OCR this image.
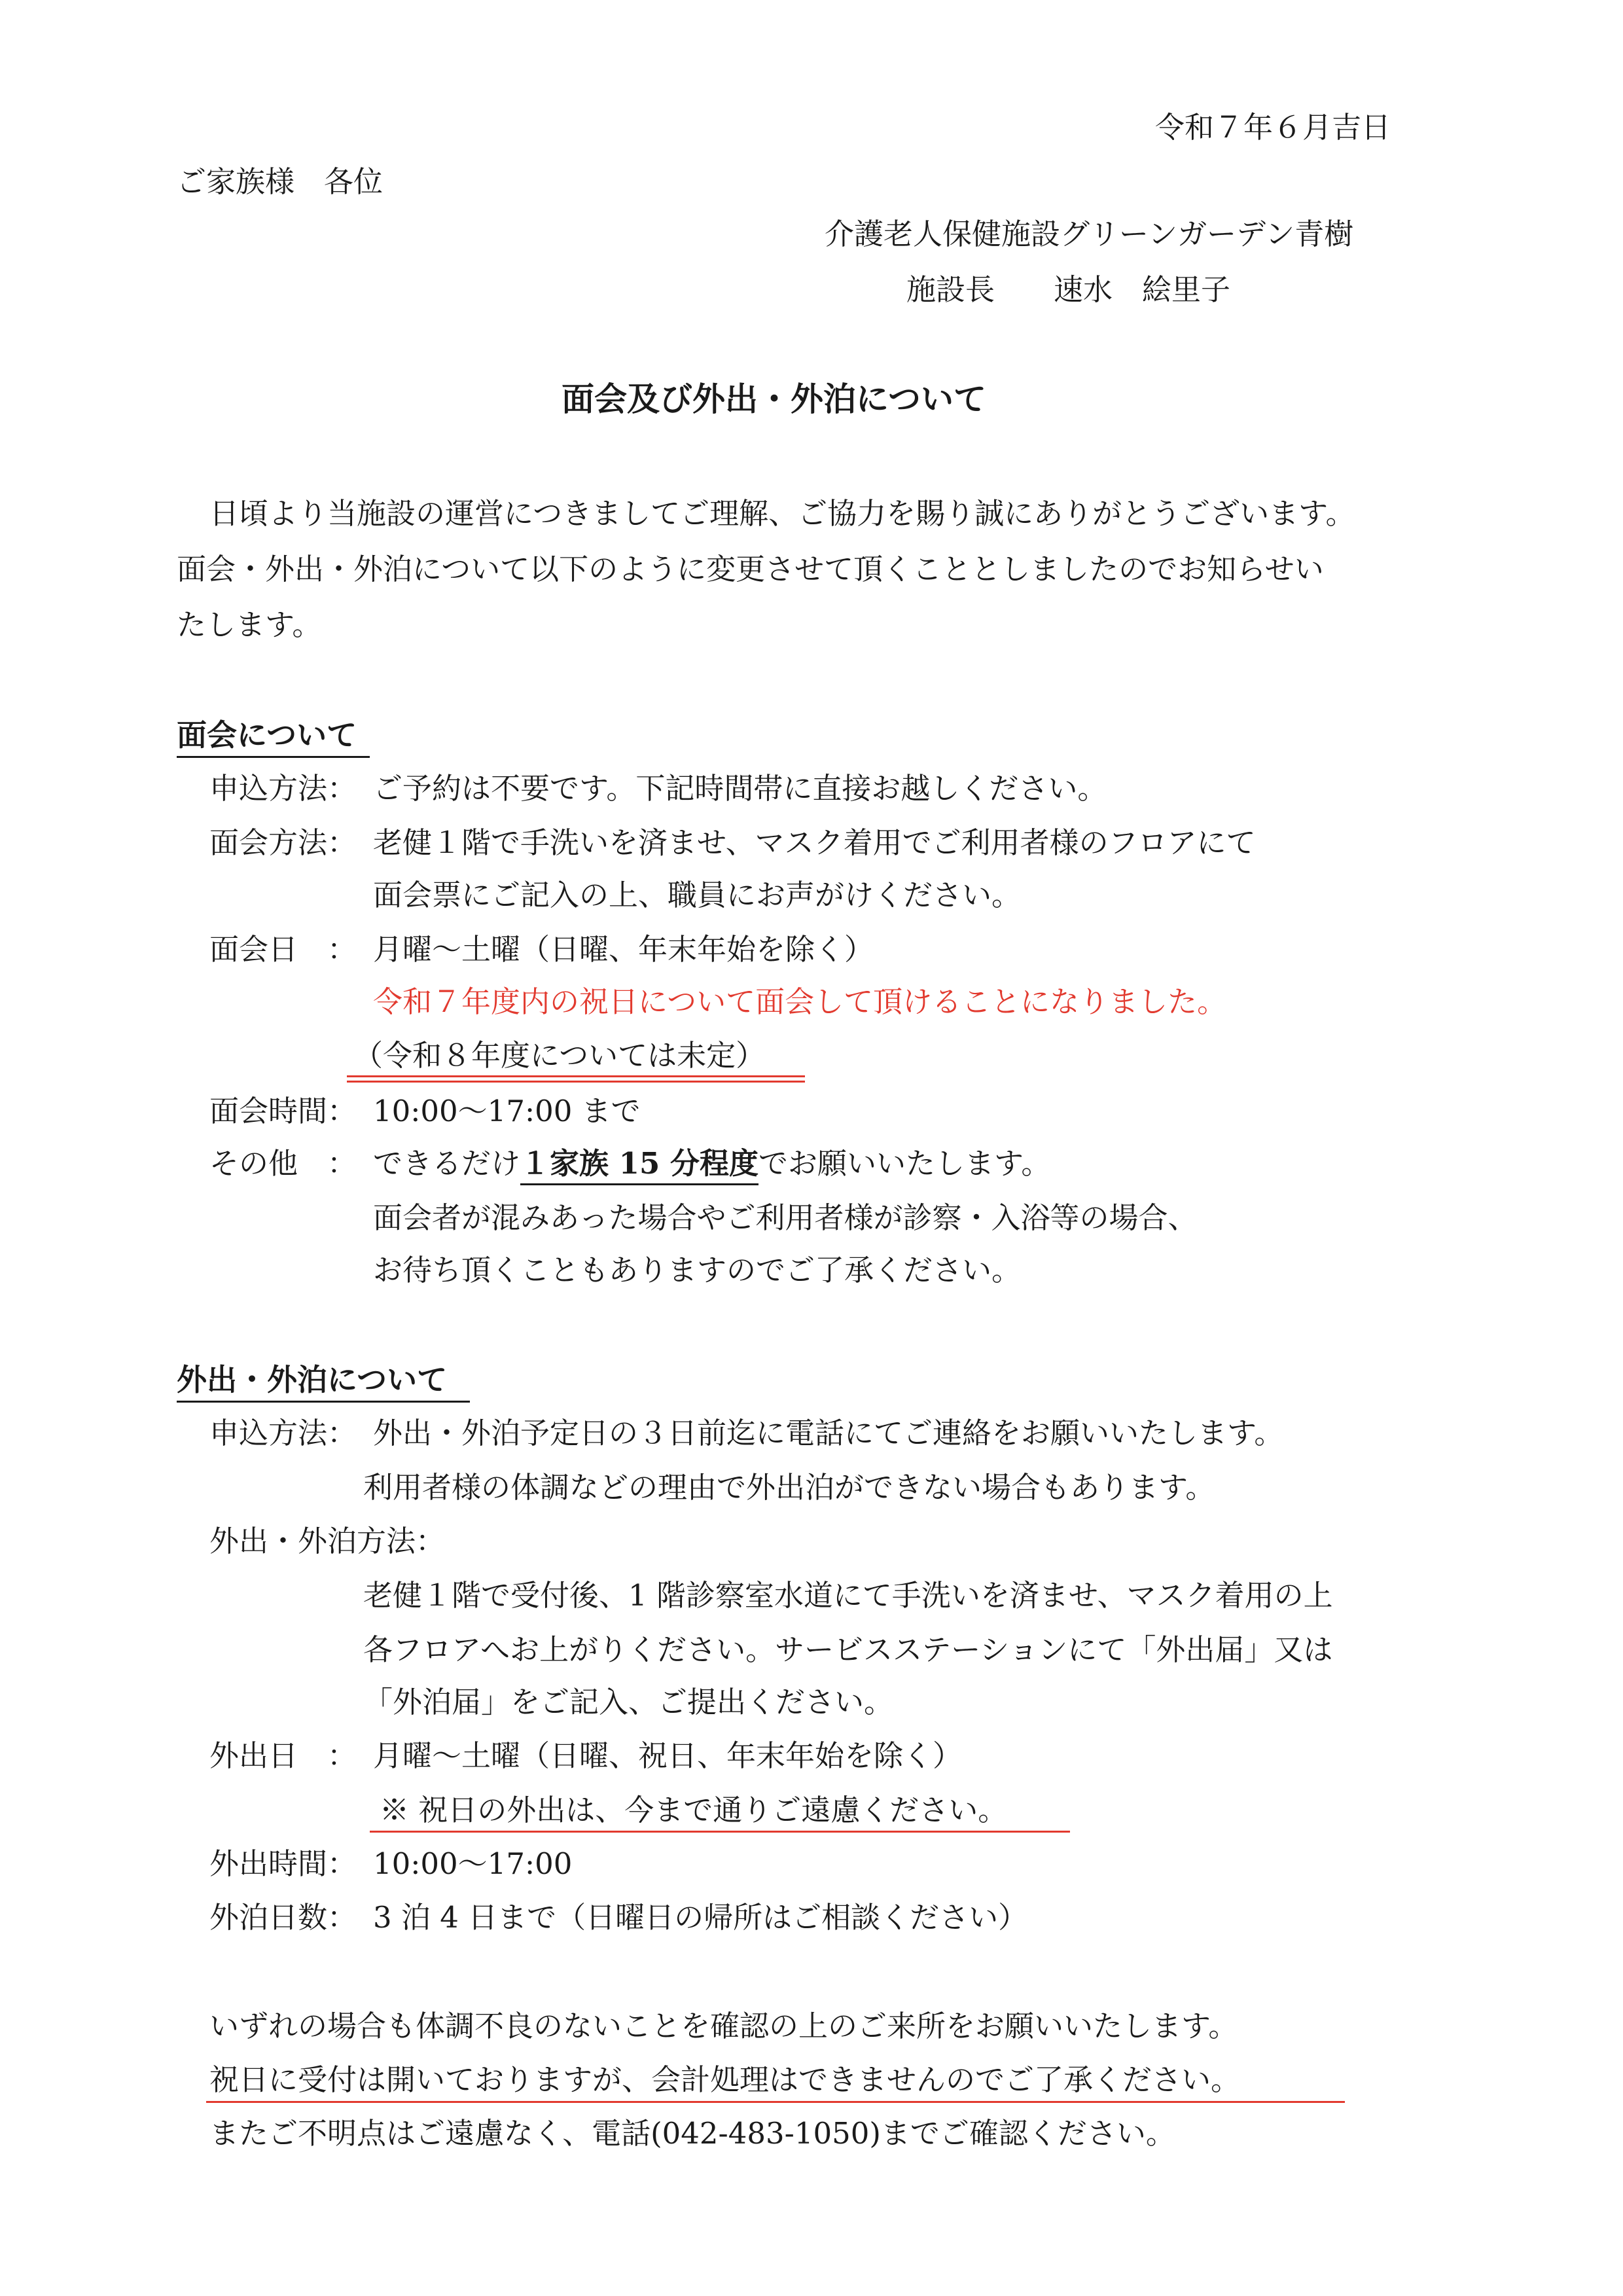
令和７年６月吉日
ご家族様　各位
介護老人保健施設グリーンガーデン青樹
施設長　　速水　絵里子
面会及び外出・外泊について
日頃より当施設の運営につきましてご理解、ご協力を賜り誠にありがとうございます。
面会・外出・外泊について以下のように変更させて頂くこととしましたのでお知らせい
たします。
面会について
申込方法： ご予約は不要です。下記時間帯に直接お越しください。
面会方法： 老健１階で手洗いを済ませ、マスク着用でご利用者様のフロアにて
面会票にご記入の上、職員にお声がけください。
面会日　： 月曜～土曜（日曜、年末年始を除く）
令和７年度内の祝日について面会して頂けることになりました。
（令和８年度については未定）
面会時間： 10:00～17:00 まで
その他　： できるだけ１家族 15 分程度でお願いいたします。
面会者が混みあった場合やご利用者様が診察・入浴等の場合、
お待ち頂くこともありますのでご了承ください。
外出・外泊について
申込方法： 外出・外泊予定日の３日前迄に電話にてご連絡をお願いいたします。
利用者様の体調などの理由で外出泊ができない場合もあります。
外出・外泊方法：
老健１階で受付後、1 階診察室水道にて手洗いを済ませ、マスク着用の上
各フロアへお上がりください。サービスステーションにて「外出届」又は
「外泊届」をご記入、ご提出ください。
外出日　： 月曜～土曜（日曜、祝日、年末年始を除く）
※ 祝日の外出は、今まで通りご遠慮ください。
外出時間： 10:00～17:00
外泊日数： 3 泊 4 日まで（日曜日の帰所はご相談ください）
いずれの場合も体調不良のないことを確認の上のご来所をお願いいたします。
祝日に受付は開いておりますが、会計処理はできませんのでご了承ください。
またご不明点はご遠慮なく、電話(042-483-1050)までご確認ください。
